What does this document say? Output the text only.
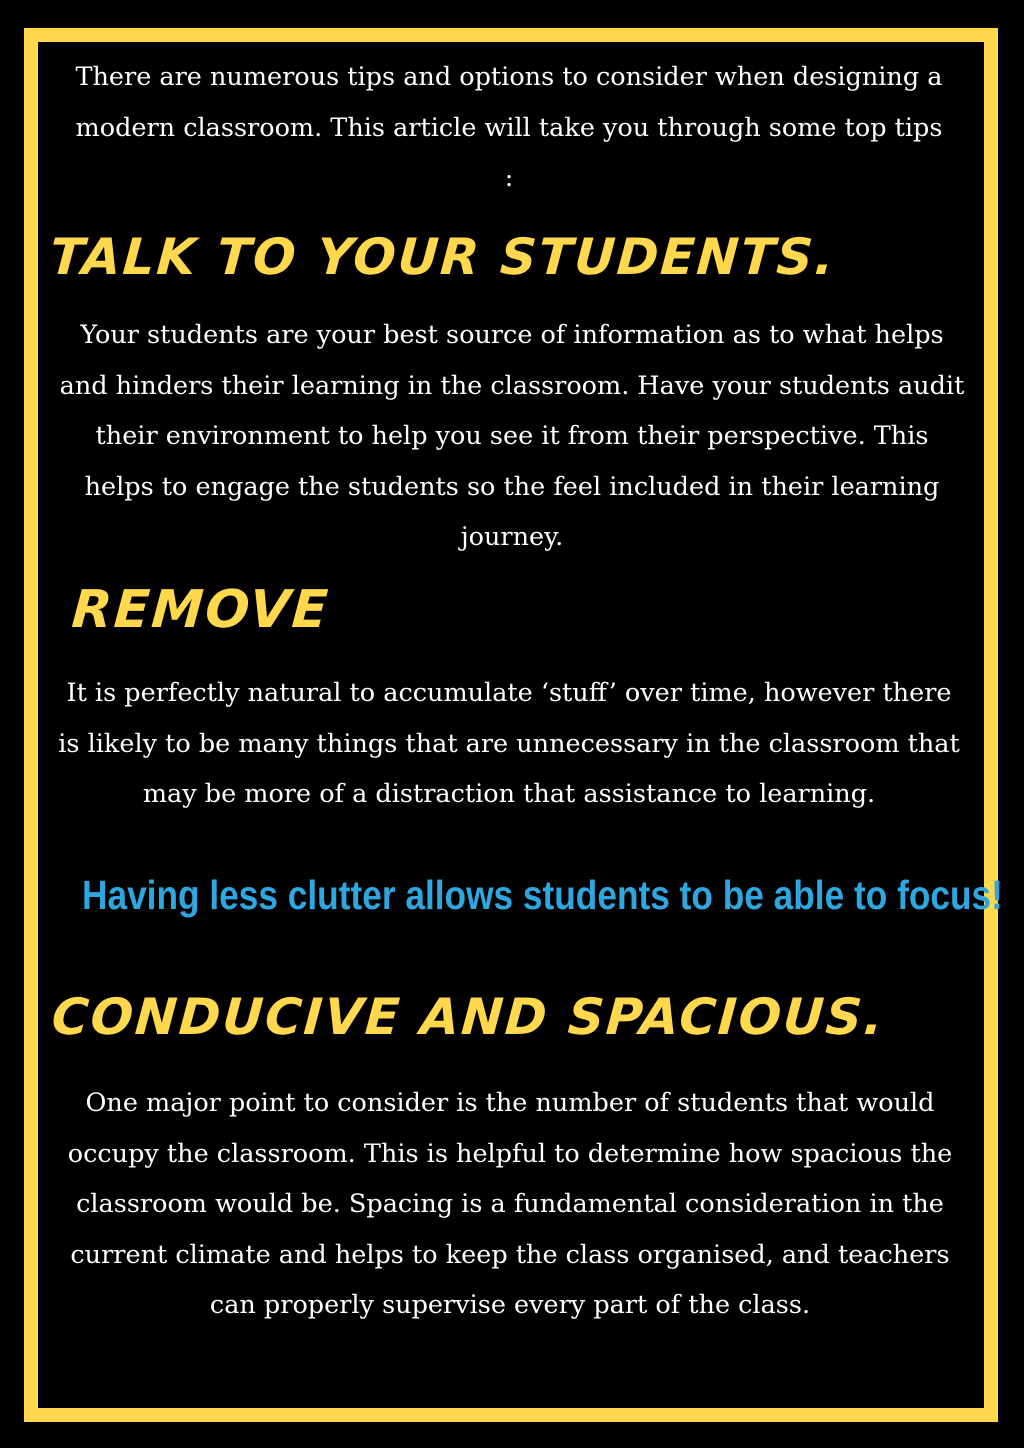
There are numerous tips and options to consider when designing a modern classroom. This article will take you through some top tips :

TALK TO YOUR STUDENTS.

Your students are your best source of information as to what helps and hinders their learning in the classroom. Have your students audit their environment to help you see it from their perspective. This helps to engage the students so the feel included in their learning journey.

REMOVE

It is perfectly natural to accumulate ‘stuff’ over time, however there is likely to be many things that are unnecessary in the classroom that may be more of a distraction that assistance to learning.

Having less clutter allows students to be able to focus!

CONDUCIVE AND SPACIOUS.

One major point to consider is the number of students that would occupy the classroom. This is helpful to determine how spacious the classroom would be. Spacing is a fundamental consideration in the current climate and helps to keep the class organised, and teachers can properly supervise every part of the class.
